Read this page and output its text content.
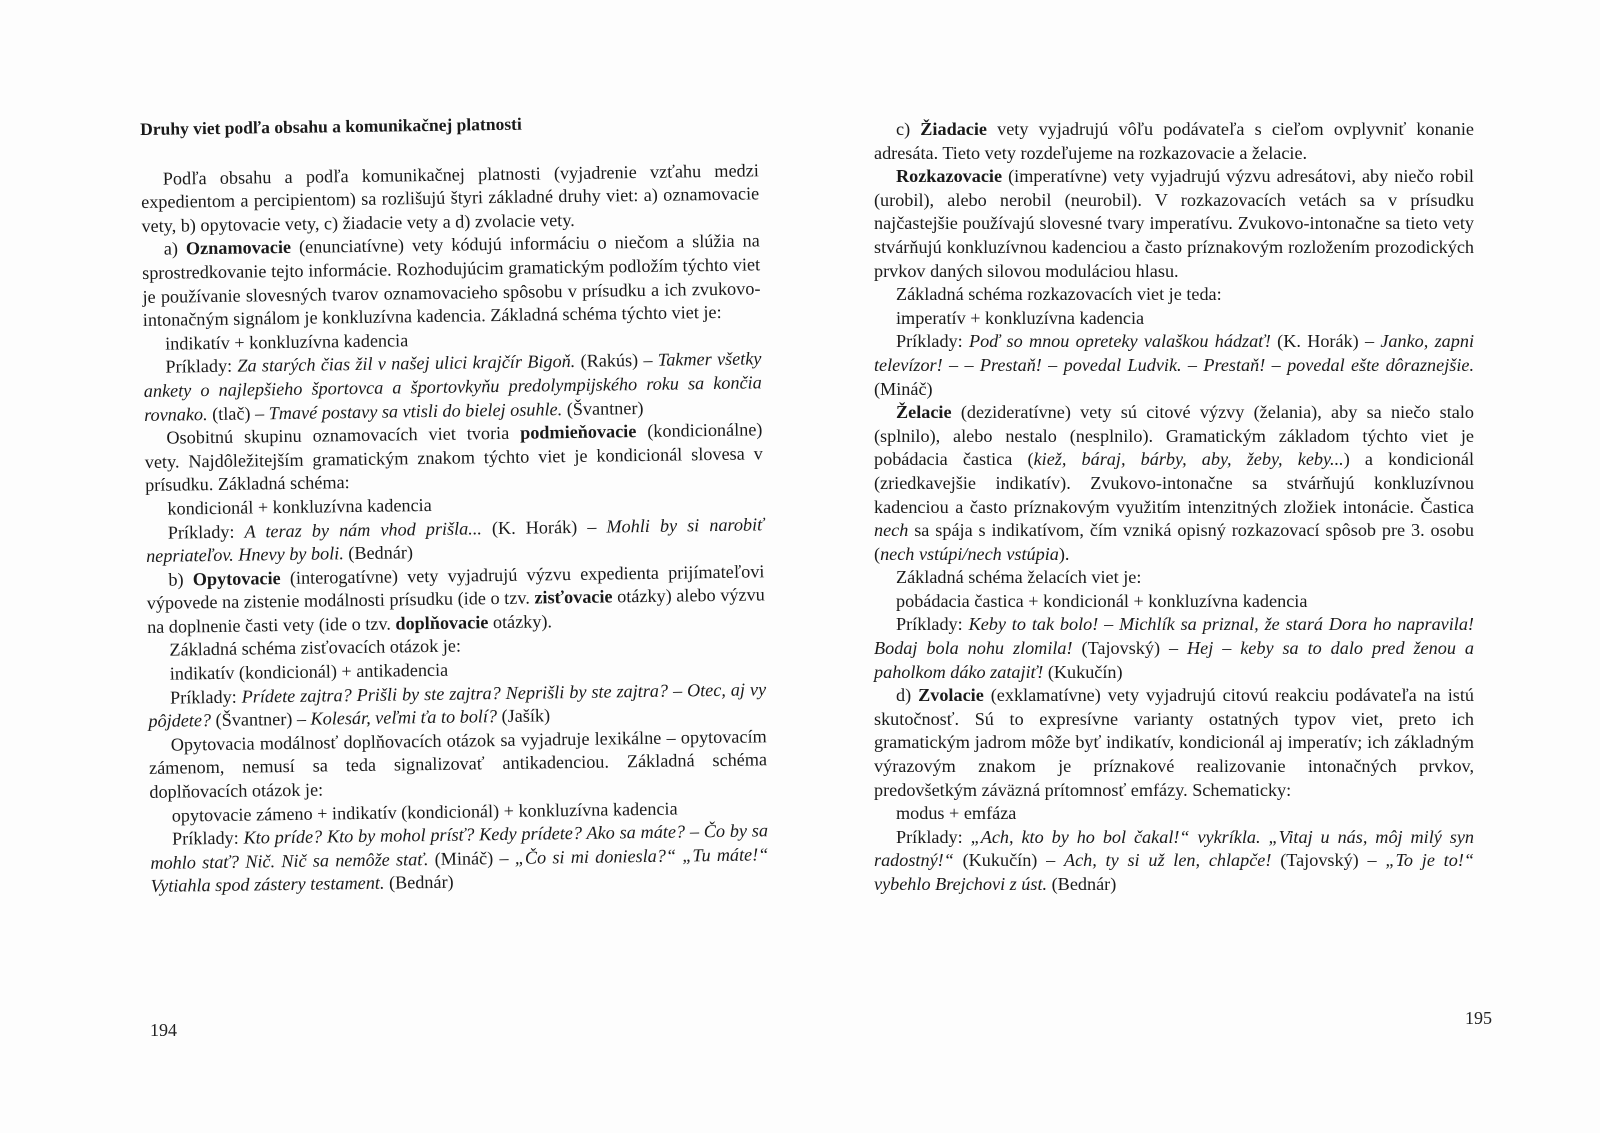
Druhy viet podľa obsahu a komunikačnej platnosti

Podľa obsahu a podľa komunikačnej platnosti (vyjadrenie vzťahu medzi expedientom a percipientom) sa rozlišujú štyri základné druhy viet: a) oznamovacie vety, b) opytovacie vety, c) žiadacie vety a d) zvolacie vety.

a) Oznamovacie (enunciatívne) vety kódujú informáciu o niečom a slúžia na sprostredkovanie tejto informácie. Rozhodujúcim gramatickým podložím týchto viet je používanie slovesných tvarov oznamovacieho spôsobu v prísudku a ich zvukovo-intonačným signálom je konkluzívna kadencia. Základná schéma týchto viet je:

indikatív + konkluzívna kadencia

Príklady: Za starých čias žil v našej ulici krajčír Bigoň. (Rakús) – Takmer všetky ankety o najlepšieho športovca a športovkyňu predolympijského roku sa končia rovnako. (tlač) – Tmavé postavy sa vtisli do bielej osuhle. (Švantner)

Osobitnú skupinu oznamovacích viet tvoria podmieňovacie (kondicionálne) vety. Najdôležitejším gramatickým znakom týchto viet je kondicionál slovesa v prísudku. Základná schéma:

kondicionál + konkluzívna kadencia

Príklady: A teraz by nám vhod prišla... (K. Horák) – Mohli by si narobiť nepriateľov. Hnevy by boli. (Bednár)

b) Opytovacie (interogatívne) vety vyjadrujú výzvu expedienta prijímateľovi výpovede na zistenie modálnosti prísudku (ide o tzv. zisťovacie otázky) alebo výzvu na doplnenie časti vety (ide o tzv. doplňovacie otázky).

Základná schéma zisťovacích otázok je:

indikatív (kondicionál) + antikadencia

Príklady: Prídete zajtra? Prišli by ste zajtra? Neprišli by ste zajtra? – Otec, aj vy pôjdete? (Švantner) – Kolesár, veľmi ťa to bolí? (Jašík)

Opytovacia modálnosť doplňovacích otázok sa vyjadruje lexikálne – opytovacím zámenom, nemusí sa teda signalizovať antikadenciou. Základná schéma doplňovacích otázok je:

opytovacie zámeno + indikatív (kondicionál) + konkluzívna kadencia

Príklady: Kto príde? Kto by mohol prísť? Kedy prídete? Ako sa máte? – Čo by sa mohlo stať? Nič. Nič sa nemôže stať. (Mináč) – „Čo si mi doniesla?“ „Tu máte!“ Vytiahla spod zástery testament. (Bednár)

194

c) Žiadacie vety vyjadrujú vôľu podávateľa s cieľom ovplyvniť konanie adresáta. Tieto vety rozdeľujeme na rozkazovacie a želacie.

Rozkazovacie (imperatívne) vety vyjadrujú výzvu adresátovi, aby niečo robil (urobil), alebo nerobil (neurobil). V rozkazovacích vetách sa v prísudku najčastejšie používajú slovesné tvary imperatívu. Zvukovo-intonačne sa tieto vety stvárňujú konkluzívnou kadenciou a často príznakovým rozložením prozodických prvkov daných silovou moduláciou hlasu.

Základná schéma rozkazovacích viet je teda:

imperatív + konkluzívna kadencia

Príklady: Poď so mnou opreteky valaškou hádzať! (K. Horák) – Janko, zapni televízor! – – Prestaň! – povedal Ludvik. – Prestaň! – povedal ešte dôraznejšie. (Mináč)

Želacie (dezideratívne) vety sú citové výzvy (želania), aby sa niečo stalo (splnilo), alebo nestalo (nesplnilo). Gramatickým základom týchto viet je pobádacia častica (kiež, báraj, bárby, aby, žeby, keby...) a kondicionál (zriedkavejšie indikatív). Zvukovo-intonačne sa stvárňujú konkluzívnou kadenciou a často príznakovým využitím intenzitných zložiek intonácie. Častica nech sa spája s indikatívom, čím vzniká opisný rozkazovací spôsob pre 3. osobu (nech vstúpi/nech vstúpia).

Základná schéma želacích viet je:

pobádacia častica + kondicionál + konkluzívna kadencia

Príklady: Keby to tak bolo! – Michlík sa priznal, že stará Dora ho napravila! Bodaj bola nohu zlomila! (Tajovský) – Hej – keby sa to dalo pred ženou a paholkom dáko zatajiť! (Kukučín)

d) Zvolacie (exklamatívne) vety vyjadrujú citovú reakciu podávateľa na istú skutočnosť. Sú to expresívne varianty ostatných typov viet, preto ich gramatickým jadrom môže byť indikatív, kondicionál aj imperatív; ich základným výrazovým znakom je príznakové realizovanie intonačných prvkov, predovšetkým záväzná prítomnosť emfázy. Schematicky:

modus + emfáza

Príklady: „Ach, kto by ho bol čakal!“ vykríkla. „Vitaj u nás, môj milý syn radostný!“ (Kukučín) – Ach, ty si už len, chlapče! (Tajovský) – „To je to!“ vybehlo Brejchovi z úst. (Bednár)

195
